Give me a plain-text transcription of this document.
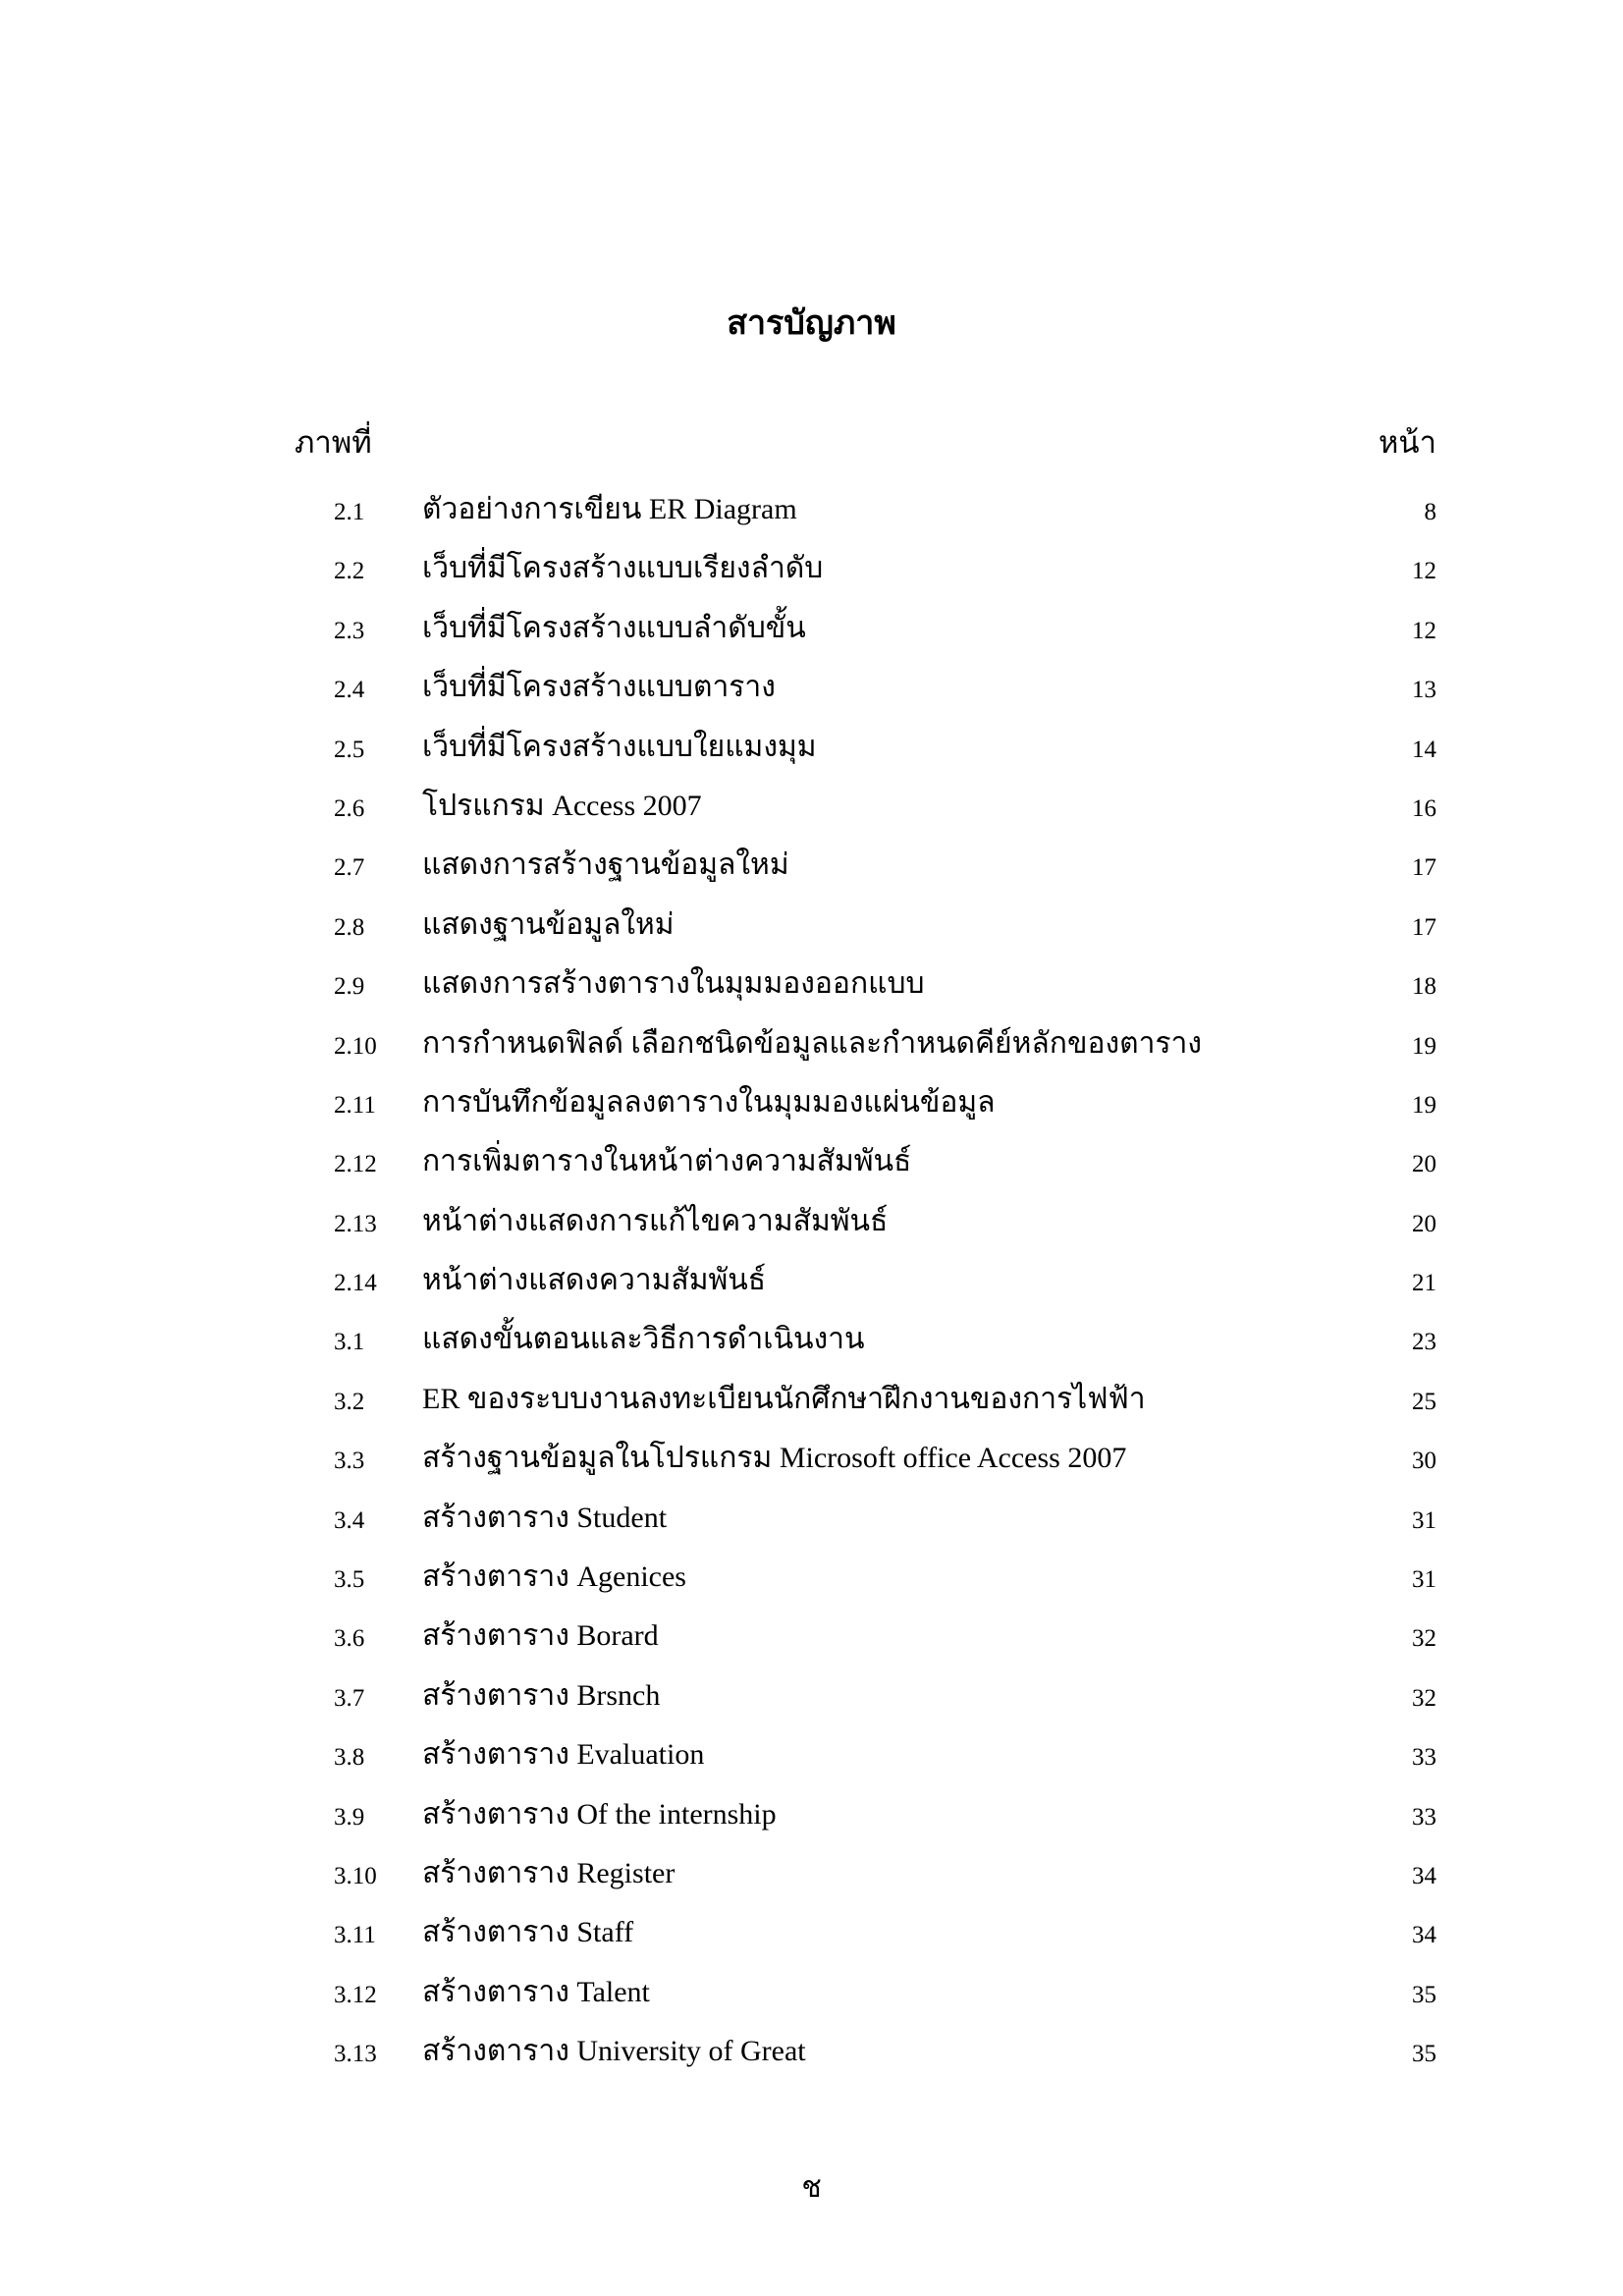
สารบัญภาพ
ภาพที่	หน้า
2.1 ตัวอย่างการเขียน ER Diagram	8
2.2 เว็บที่มีโครงสร้างแบบเรียงลำดับ	12
2.3 เว็บที่มีโครงสร้างแบบลำดับขั้น	12
2.4 เว็บที่มีโครงสร้างแบบตาราง	13
2.5 เว็บที่มีโครงสร้างแบบใยแมงมุม	14
2.6 โปรแกรม Access 2007	16
2.7 แสดงการสร้างฐานข้อมูลใหม่	17
2.8 แสดงฐานข้อมูลใหม่	17
2.9 แสดงการสร้างตารางในมุมมองออกแบบ	18
2.10 การกำหนดฟิลด์ เลือกชนิดข้อมูลและกำหนดคีย์หลักของตาราง	19
2.11 การบันทึกข้อมูลลงตารางในมุมมองแผ่นข้อมูล	19
2.12 การเพิ่มตารางในหน้าต่างความสัมพันธ์	20
2.13 หน้าต่างแสดงการแก้ไขความสัมพันธ์	20
2.14 หน้าต่างแสดงความสัมพันธ์	21
3.1 แสดงขั้นตอนและวิธีการดำเนินงาน	23
3.2 ER ของระบบงานลงทะเบียนนักศึกษาฝึกงานของการไฟฟ้า	25
3.3 สร้างฐานข้อมูลในโปรแกรม Microsoft office Access 2007	30
3.4 สร้างตาราง Student	31
3.5 สร้างตาราง Agenices	31
3.6 สร้างตาราง Borard	32
3.7 สร้างตาราง Brsnch	32
3.8 สร้างตาราง Evaluation	33
3.9 สร้างตาราง Of the internship	33
3.10 สร้างตาราง Register	34
3.11 สร้างตาราง Staff	34
3.12 สร้างตาราง Talent	35
3.13 สร้างตาราง University of Great	35
ช
